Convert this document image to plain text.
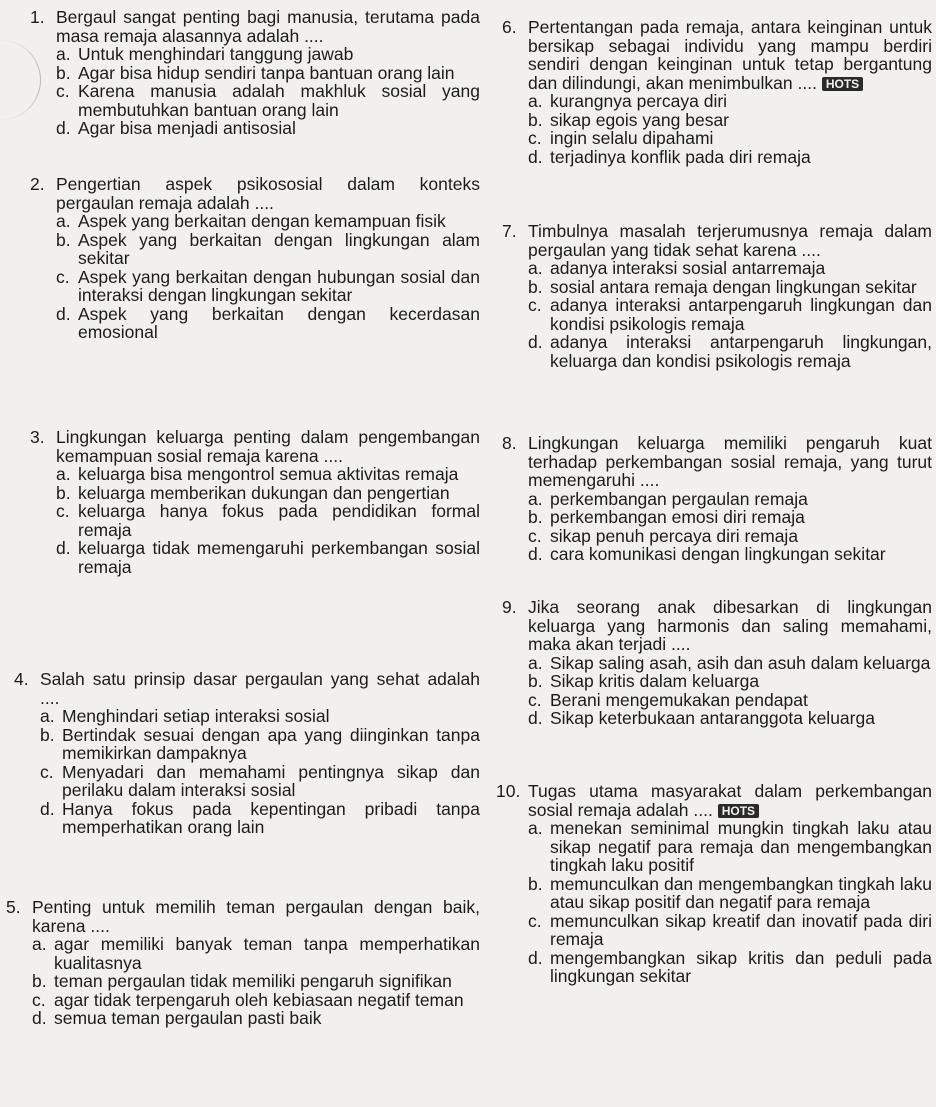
1. Bergaul sangat penting bagi manusia, terutama pada masa remaja alasannya adalah ....
a. Untuk menghindari tanggung jawab
b. Agar bisa hidup sendiri tanpa bantuan orang lain
c. Karena manusia adalah makhluk sosial yang membutuhkan bantuan orang lain
d. Agar bisa menjadi antisosial
2. Pengertian aspek psikososial dalam konteks pergaulan remaja adalah ....
a. Aspek yang berkaitan dengan kemampuan fisik
b. Aspek yang berkaitan dengan lingkungan alam sekitar
c. Aspek yang berkaitan dengan hubungan sosial dan interaksi dengan lingkungan sekitar
d. Aspek yang berkaitan dengan kecerdasan emosional
3. Lingkungan keluarga penting dalam pengembangan kemampuan sosial remaja karena ....
a. keluarga bisa mengontrol semua aktivitas remaja
b. keluarga memberikan dukungan dan pengertian
c. keluarga hanya fokus pada pendidikan formal remaja
d. keluarga tidak memengaruhi perkembangan sosial remaja
4. Salah satu prinsip dasar pergaulan yang sehat adalah ....
a. Menghindari setiap interaksi sosial
b. Bertindak sesuai dengan apa yang diinginkan tanpa memikirkan dampaknya
c. Menyadari dan memahami pentingnya sikap dan perilaku dalam interaksi sosial
d. Hanya fokus pada kepentingan pribadi tanpa memperhatikan orang lain
5. Penting untuk memilih teman pergaulan dengan baik, karena ....
a. agar memiliki banyak teman tanpa memperhatikan kualitasnya
b. teman pergaulan tidak memiliki pengaruh signifikan
c. agar tidak terpengaruh oleh kebiasaan negatif teman
d. semua teman pergaulan pasti baik
6. Pertentangan pada remaja, antara keinginan untuk bersikap sebagai individu yang mampu berdiri sendiri dengan keinginan untuk tetap bergantung dan dilindungi, akan menimbulkan .... HOTS
a. kurangnya percaya diri
b. sikap egois yang besar
c. ingin selalu dipahami
d. terjadinya konflik pada diri remaja
7. Timbulnya masalah terjerumusnya remaja dalam pergaulan yang tidak sehat karena ....
a. adanya interaksi sosial antarremaja
b. sosial antara remaja dengan lingkungan sekitar
c. adanya interaksi antarpengaruh lingkungan dan kondisi psikologis remaja
d. adanya interaksi antarpengaruh lingkungan, keluarga dan kondisi psikologis remaja
8. Lingkungan keluarga memiliki pengaruh kuat terhadap perkembangan sosial remaja, yang turut memengaruhi ....
a. perkembangan pergaulan remaja
b. perkembangan emosi diri remaja
c. sikap penuh percaya diri remaja
d. cara komunikasi dengan lingkungan sekitar
9. Jika seorang anak dibesarkan di lingkungan keluarga yang harmonis dan saling memahami, maka akan terjadi ....
a. Sikap saling asah, asih dan asuh dalam keluarga
b. Sikap kritis dalam keluarga
c. Berani mengemukakan pendapat
d. Sikap keterbukaan antaranggota keluarga
10. Tugas utama masyarakat dalam perkembangan sosial remaja adalah .... HOTS
a. menekan seminimal mungkin tingkah laku atau sikap negatif para remaja dan mengembangkan tingkah laku positif
b. memunculkan dan mengembangkan tingkah laku atau sikap positif dan negatif para remaja
c. memunculkan sikap kreatif dan inovatif pada diri remaja
d. mengembangkan sikap kritis dan peduli pada lingkungan sekitar
